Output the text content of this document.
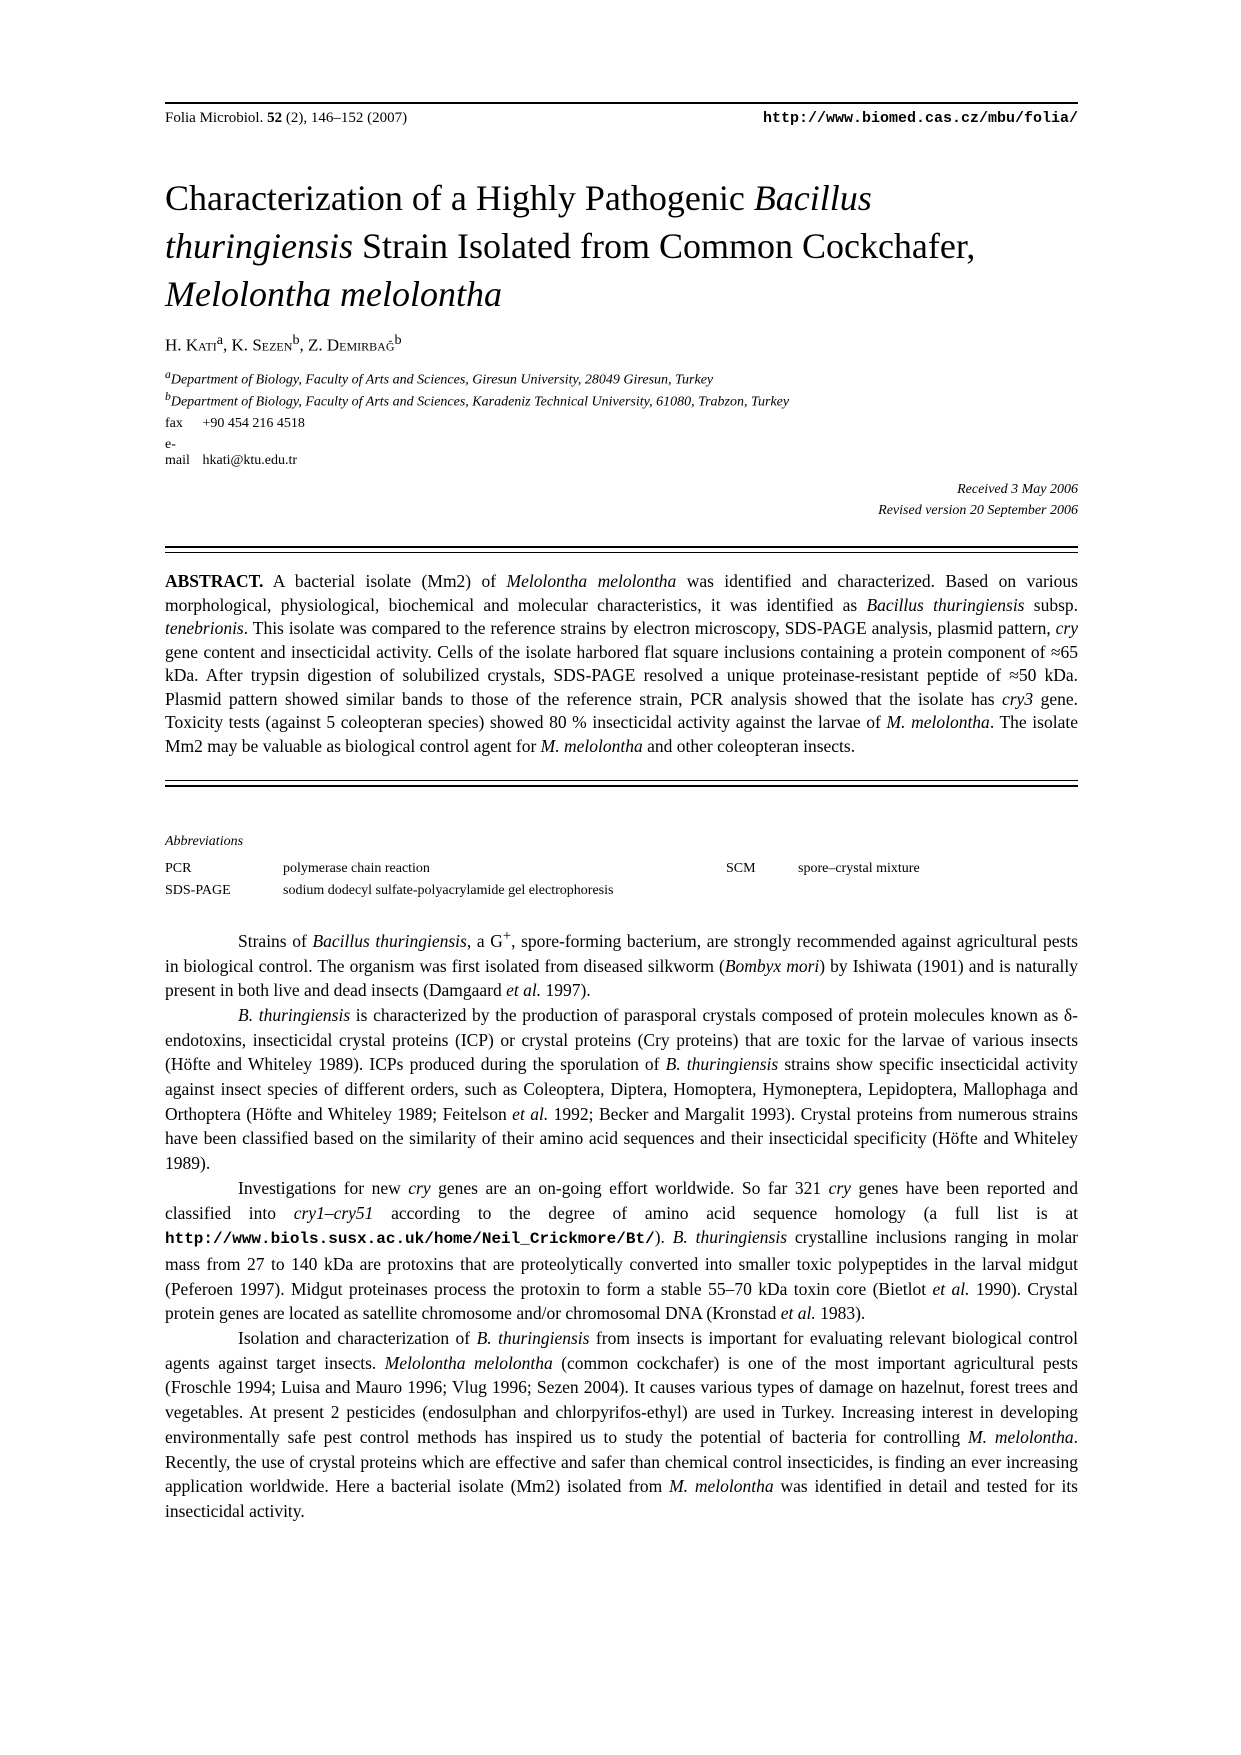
Folia Microbiol. 52 (2), 146–152 (2007)	http://www.biomed.cas.cz/mbu/folia/
Characterization of a Highly Pathogenic Bacillus thuringiensis Strain Isolated from Common Cockchafer,
Melolontha melolontha
H. Kati$^a$, K. Sezen$^b$, Z. Demirbağ$^b$
$^a$Department of Biology, Faculty of Arts and Sciences, Giresun University, 28049 Giresun, Turkey
$^b$Department of Biology, Faculty of Arts and Sciences, Karadeniz Technical University, 61080, Trabzon, Turkey
fax +90 454 216 4518
e-mail hkati@ktu.edu.tr
Received 3 May 2006
Revised version 20 September 2006
ABSTRACT. A bacterial isolate (Mm2) of Melolontha melolontha was identified and characterized. Based on various morphological, physiological, biochemical and molecular characteristics, it was identified as Bacillus thuringiensis subsp. tenebrionis. This isolate was compared to the reference strains by electron microscopy, SDS-PAGE analysis, plasmid pattern, cry gene content and insecticidal activity. Cells of the isolate harbored flat square inclusions containing a protein component of ≈65 kDa. After trypsin digestion of solubilized crystals, SDS-PAGE resolved a unique proteinase-resistant peptide of ≈50 kDa. Plasmid pattern showed similar bands to those of the reference strain, PCR analysis showed that the isolate has cry3 gene. Toxicity tests (against 5 coleopteran species) showed 80 % insecticidal activity against the larvae of M. melolontha. The isolate Mm2 may be valuable as biological control agent for M. melolontha and other coleopteran insects.
Abbreviations
PCR	polymerase chain reaction
SDS-PAGE	sodium dodecyl sulfate-polyacrylamide gel electrophoresis
SCM	spore–crystal mixture

Strains of Bacillus thuringiensis, a G+, spore-forming bacterium, are strongly recommended against agricultural pests in biological control. The organism was first isolated from diseased silkworm (Bombyx mori) by Ishiwata (1901) and is naturally present in both live and dead insects (Damgaard et al. 1997).

B. thuringiensis is characterized by the production of parasporal crystals composed of protein molecules known as δ-endotoxins, insecticidal crystal proteins (ICP) or crystal proteins (Cry proteins) that are toxic for the larvae of various insects (Höfte and Whiteley 1989). ICPs produced during the sporulation of B. thuringiensis strains show specific insecticidal activity against insect species of different orders, such as Coleoptera, Diptera, Homoptera, Hymoneptera, Lepidoptera, Mallophaga and Orthoptera (Höfte and Whiteley 1989; Feitelson et al. 1992; Becker and Margalit 1993). Crystal proteins from numerous strains have been classified based on the similarity of their amino acid sequences and their insecticidal specificity (Höfte and Whiteley 1989).

Investigations for new cry genes are an on-going effort worldwide. So far 321 cry genes have been reported and classified into cry1–cry51 according to the degree of amino acid sequence homology (a full list is at http://www.biols.susx.ac.uk/home/Neil_Crickmore/Bt/). B. thuringiensis crystalline inclusions ranging in molar mass from 27 to 140 kDa are protoxins that are proteolytically converted into smaller toxic polypeptides in the larval midgut (Peferoen 1997). Midgut proteinases process the protoxin to form a stable 55–70 kDa toxin core (Bietlot et al. 1990). Crystal protein genes are located as satellite chromosome and/or chromosomal DNA (Kronstad et al. 1983).

Isolation and characterization of B. thuringiensis from insects is important for evaluating relevant biological control agents against target insects. Melolontha melolontha (common cockchafer) is one of the most important agricultural pests (Froschle 1994; Luisa and Mauro 1996; Vlug 1996; Sezen 2004). It causes various types of damage on hazelnut, forest trees and vegetables. At present 2 pesticides (endosulphan and chlorpyrifos-ethyl) are used in Turkey. Increasing interest in developing environmentally safe pest control methods has inspired us to study the potential of bacteria for controlling M. melolontha. Recently, the use of crystal proteins which are effective and safer than chemical control insecticides, is finding an ever increasing application worldwide. Here a bacterial isolate (Mm2) isolated from M. melolontha was identified in detail and tested for its insecticidal activity.
